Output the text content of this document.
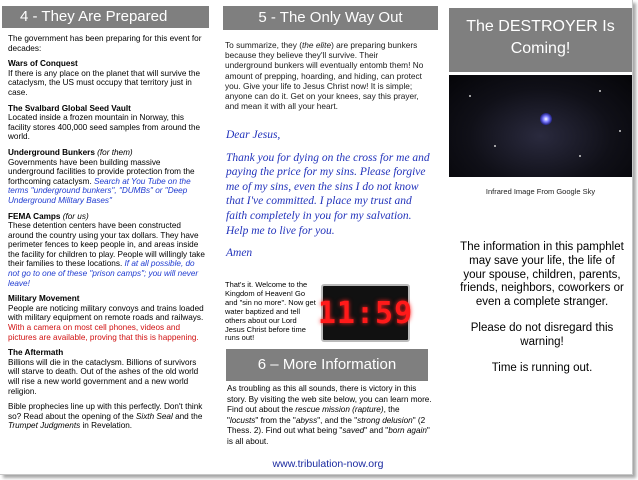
4 - They Are Prepared

The government has been preparing for this event for decades:

Wars of Conquest
If there is any place on the planet that will survive the cataclysm, the US must occupy that territory just in case.

The Svalbard Global Seed Vault
Located inside a frozen mountain in Norway, this facility stores 400,000 seed samples from around the world.

Underground Bunkers (for them)
Governments have been building massive underground facilities to provide protection from the forthcoming cataclysm. Search at You Tube on the terms "underground bunkers", "DUMBs" or "Deep Underground Military Bases"

FEMA Camps (for us)
These detention centers have been constructed around the country using your tax dollars. They have perimeter fences to keep people in, and areas inside the facility for children to play. People will willingly take their families to these locations. If at all possible, do not go to one of these "prison camps"; you will never leave!

Military Movement
People are noticing military convoys and trains loaded with military equipment on remote roads and railways. With a camera on most cell phones, videos and pictures are available, proving that this is happening.

The Aftermath
Billions will die in the cataclysm. Billions of survivors will starve to death. Out of the ashes of the old world will rise a new world government and a new world religion.

Bible prophecies line up with this perfectly. Don't think so? Read about the opening of the Sixth Seal and the Trumpet Judgments in Revelation.

5 - The Only Way Out
To summarize, they (the elite) are preparing bunkers because they believe they'll survive. Their underground bunkers will eventually entomb them! No amount of prepping, hoarding, and hiding, can protect you. Give your life to Jesus Christ now! It is simple; anyone can do it. Get on your knees, say this prayer, and mean it with all your heart.

Dear Jesus,

Thank you for dying on the cross for me and paying the price for my sins. Please forgive me of my sins, even the sins I do not know that I've committed. I place my trust and faith completely in you for my salvation. Help me to live for you.

Amen

That's it. Welcome to the Kingdom of Heaven! Go and "sin no more". Now get water baptized and tell others about our Lord Jesus Christ before time runs out!
11:59
6 – More Information
As troubling as this all sounds, there is victory in this story. By visiting the web site below, you can learn more. Find out about the rescue mission (rapture), the "locusts" from the "abyss", and the "strong delusion" (2 Thess. 2). Find out what being "saved" and "born again" is all about.
www.tribulation-now.org
The DESTROYER Is Coming!
Infrared Image From Google Sky

The information in this pamphlet may save your life, the life of your spouse, children, parents, friends, neighbors, coworkers or even a complete stranger.

Please do not disregard this warning!

Time is running out.
